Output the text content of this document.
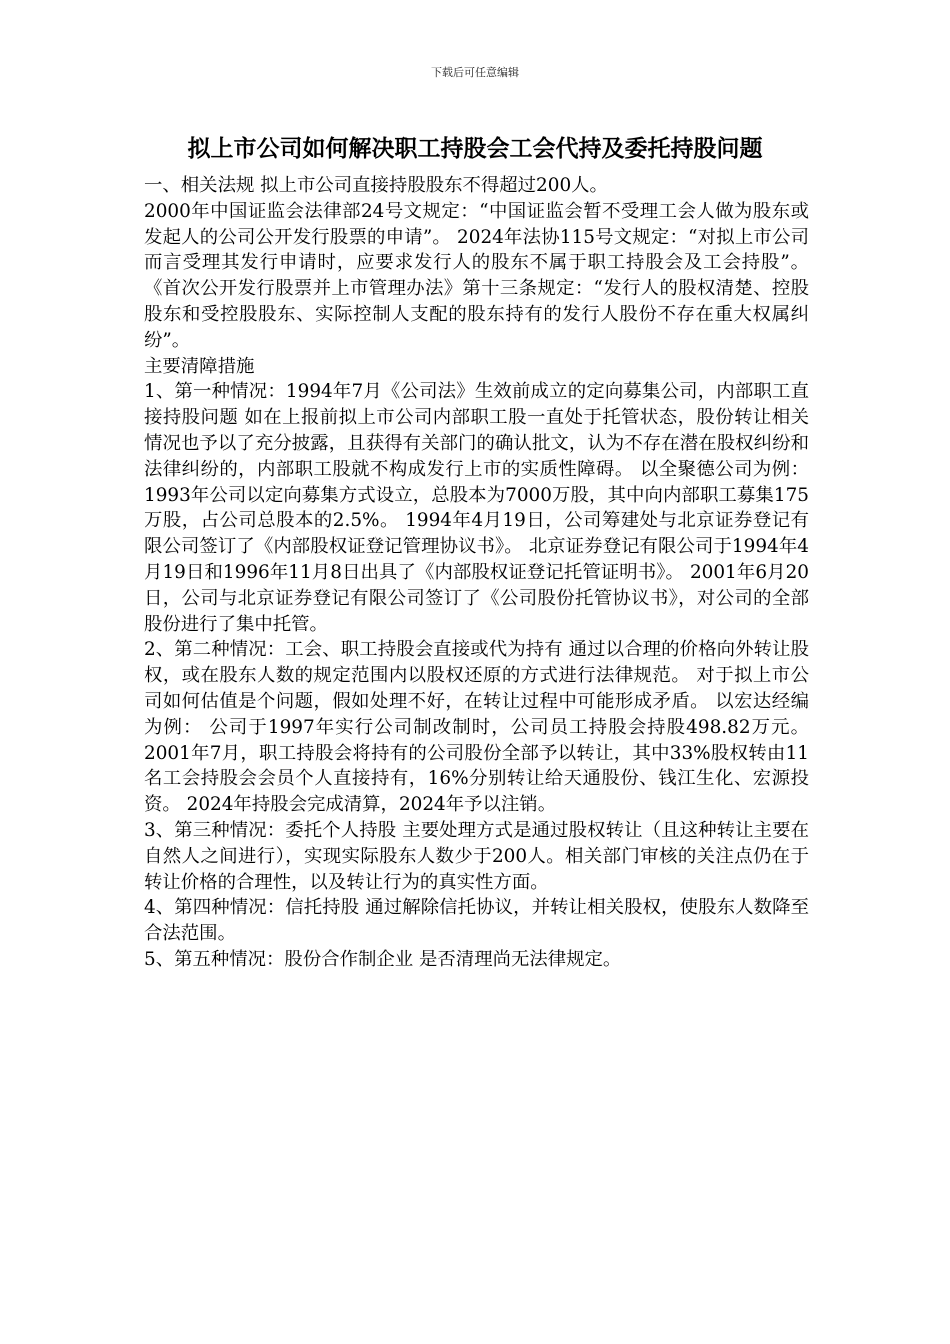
下载后可任意编辑
拟上市公司如何解决职工持股会工会代持及委托持股问题

一、相关法规 拟上市公司直接持股股东不得超过200人。

2000年中国证监会法律部24号文规定：“中国证监会暂不受理工会人做为股东或发起人的公司公开发行股票的申请”。 2024年法协115号文规定：“对拟上市公司而言受理其发行申请时，应要求发行人的股东不属于职工持股会及工会持股”。 《首次公开发行股票并上市管理办法》第十三条规定：“发行人的股权清楚、控股股东和受控股股东、实际控制人支配的股东持有的发行人股份不存在重大权属纠纷”。

主要清障措施

1、第一种情况：1994年7月《公司法》生效前成立的定向募集公司，内部职工直接持股问题 如在上报前拟上市公司内部职工股一直处于托管状态，股份转让相关情况也予以了充分披露，且获得有关部门的确认批文，认为不存在潜在股权纠纷和法律纠纷的，内部职工股就不构成发行上市的实质性障碍。 以全聚德公司为例： 1993年公司以定向募集方式设立，总股本为7000万股，其中向内部职工募集175万股，占公司总股本的2.5%。 1994年4月19日，公司筹建处与北京证券登记有限公司签订了《内部股权证登记管理协议书》。 北京证券登记有限公司于1994年4月19日和1996年11月8日出具了《内部股权证登记托管证明书》。 2001年6月20日，公司与北京证券登记有限公司签订了《公司股份托管协议书》，对公司的全部股份进行了集中托管。

2、第二种情况：工会、职工持股会直接或代为持有 通过以合理的价格向外转让股权，或在股东人数的规定范围内以股权还原的方式进行法律规范。 对于拟上市公司如何估值是个问题，假如处理不好，在转让过程中可能形成矛盾。 以宏达经编为例： 公司于1997年实行公司制改制时，公司员工持股会持股498.82万元。 2001年7月，职工持股会将持有的公司股份全部予以转让，其中33%股权转由11名工会持股会会员个人直接持有，16%分别转让给天通股份、钱江生化、宏源投资。 2024年持股会完成清算，2024年予以注销。

3、第三种情况：委托个人持股 主要处理方式是通过股权转让（且这种转让主要在自然人之间进行），实现实际股东人数少于200人。相关部门审核的关注点仍在于转让价格的合理性，以及转让行为的真实性方面。

4、第四种情况：信托持股 通过解除信托协议，并转让相关股权，使股东人数降至合法范围。

5、第五种情况：股份合作制企业 是否清理尚无法律规定。
